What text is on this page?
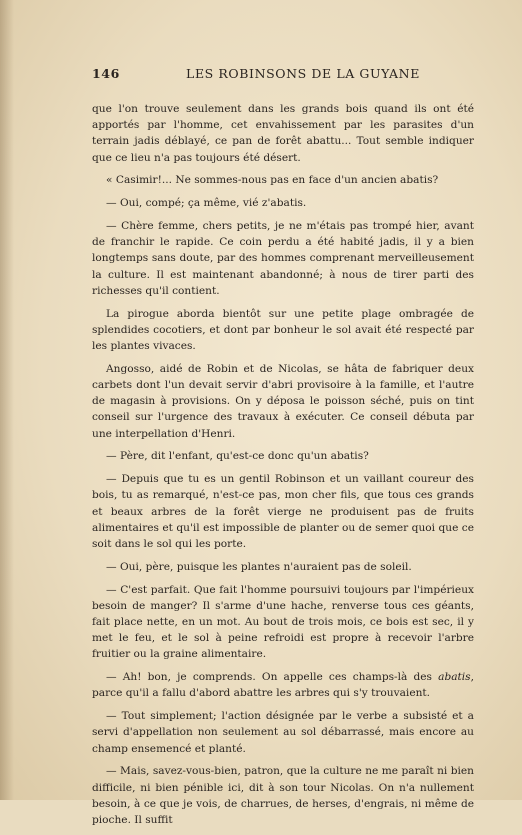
146	LES ROBINSONS DE LA GUYANE

que l'on trouve seulement dans les grands bois quand ils ont été apportés par l'homme, cet envahissement par les parasites d'un terrain jadis déblayé, ce pan de forêt abattu... Tout semble indiquer que ce lieu n'a pas toujours été désert.

« Casimir!... Ne sommes-nous pas en face d'un ancien abatis?

— Oui, compé; ça même, vié z'abatis.

— Chère femme, chers petits, je ne m'étais pas trompé hier, avant de franchir le rapide. Ce coin perdu a été habité jadis, il y a bien longtemps sans doute, par des hommes comprenant merveilleusement la culture. Il est maintenant abandonné; à nous de tirer parti des richesses qu'il contient.

La pirogue aborda bientôt sur une petite plage ombragée de splendides cocotiers, et dont par bonheur le sol avait été respecté par les plantes vivaces.

Angosso, aidé de Robin et de Nicolas, se hâta de fabriquer deux carbets dont l'un devait servir d'abri provisoire à la famille, et l'autre de magasin à provisions. On y déposa le poisson séché, puis on tint conseil sur l'urgence des travaux à exécuter. Ce conseil débuta par une interpellation d'Henri.

— Père, dit l'enfant, qu'est-ce donc qu'un abatis?

— Depuis que tu es un gentil Robinson et un vaillant coureur des bois, tu as remarqué, n'est-ce pas, mon cher fils, que tous ces grands et beaux arbres de la forêt vierge ne produisent pas de fruits alimentaires et qu'il est impossible de planter ou de semer quoi que ce soit dans le sol qui les porte.

— Oui, père, puisque les plantes n'auraient pas de soleil.

— C'est parfait. Que fait l'homme poursuivi toujours par l'impérieux besoin de manger? Il s'arme d'une hache, renverse tous ces géants, fait place nette, en un mot. Au bout de trois mois, ce bois est sec, il y met le feu, et le sol à peine refroidi est propre à recevoir l'arbre fruitier ou la graine alimentaire.

— Ah! bon, je comprends. On appelle ces champs-là des abatis, parce qu'il a fallu d'abord abattre les arbres qui s'y trouvaient.

— Tout simplement; l'action désignée par le verbe a subsisté et a servi d'appellation non seulement au sol débarrassé, mais encore au champ ensemencé et planté.

— Mais, savez-vous-bien, patron, que la culture ne me paraît ni bien difficile, ni bien pénible ici, dit à son tour Nicolas. On n'a nullement besoin, à ce que je vois, de charrues, de herses, d'engrais, ni même de pioche. Il suffit
